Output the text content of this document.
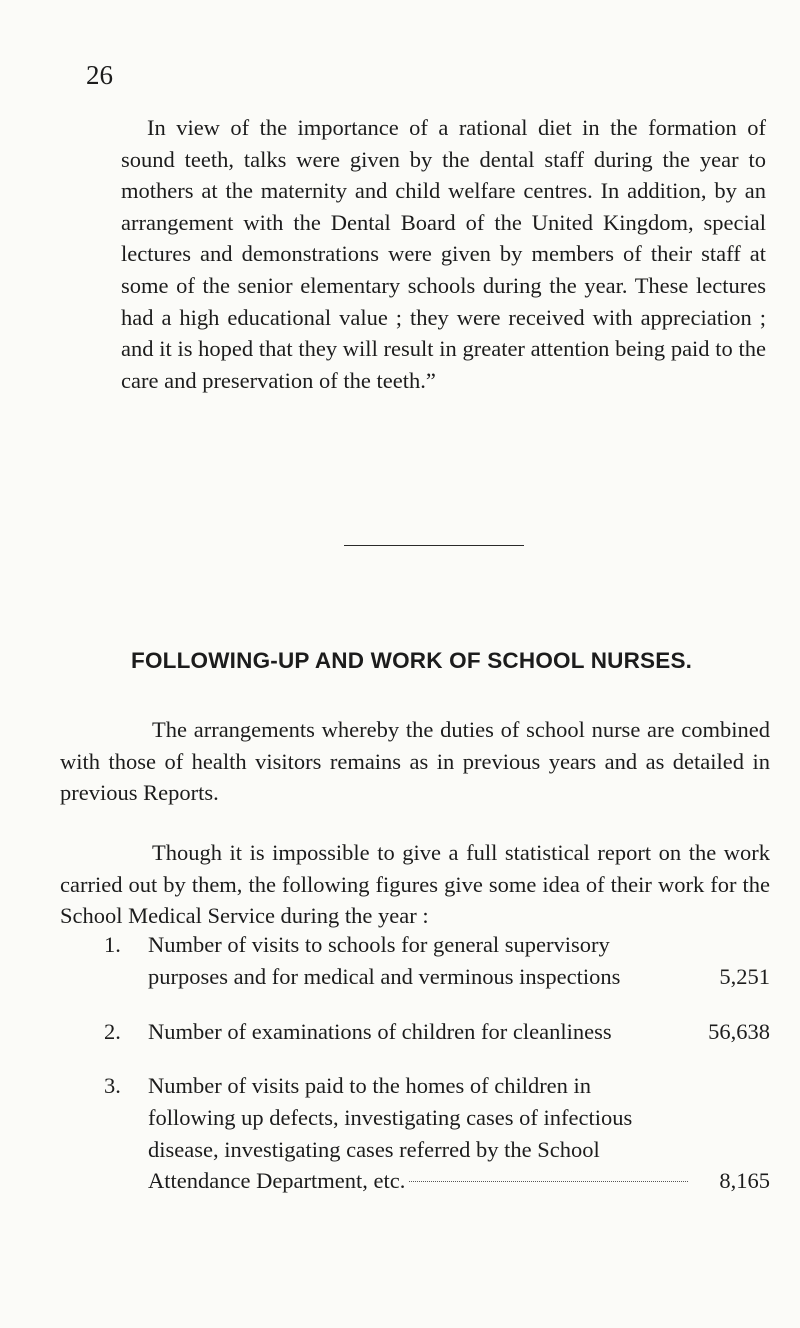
26

In view of the importance of a rational diet in the formation of sound teeth, talks were given by the dental staff during the year to mothers at the maternity and child welfare centres. In addition, by an arrangement with the Dental Board of the United Kingdom, special lectures and demonstrations were given by members of their staff at some of the senior elementary schools during the year. These lectures had a high educational value ; they were received with appreciation ; and it is hoped that they will result in greater attention being paid to the care and preservation of the teeth.”

FOLLOWING-UP AND WORK OF SCHOOL NURSES.

The arrangements whereby the duties of school nurse are combined with those of health visitors remains as in previous years and as detailed in previous Reports.

Though it is impossible to give a full statistical report on the work carried out by them, the following figures give some idea of their work for the School Medical Service during the year :

1. Number of visits to schools for general supervisory
purposes and for medical and verminous inspections	5,251
2. Number of examinations of children for cleanliness	56,638
3. Number of visits paid to the homes of children in
following up defects, investigating cases of infectious
disease, investigating cases referred by the School
Attendance Department, etc.	8,165
